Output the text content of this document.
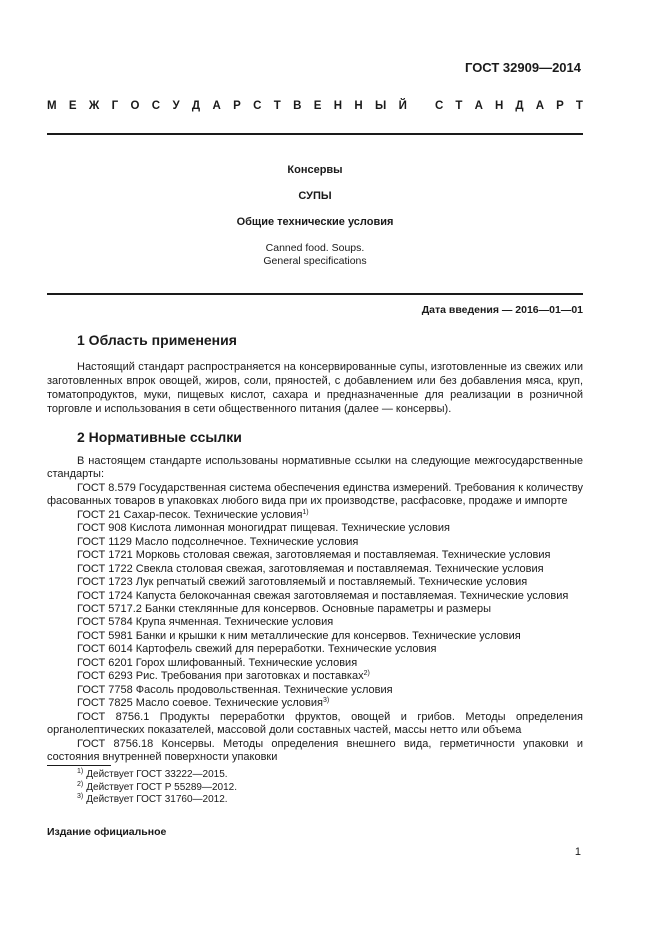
ГОСТ 32909—2014
М Е Ж Г О С У Д А Р С Т В Е Н Н Ы Й С Т А Н Д А Р Т
Консервы
СУПЫ
Общие технические условия
Canned food. Soups.
General specifications
Дата введения — 2016—01—01
1 Область применения

Настоящий стандарт распространяется на консервированные супы, изготовленные из свежих или заготовленных впрок овощей, жиров, соли, пряностей, с добавлением или без добавления мяса, круп, томатопродуктов, муки, пищевых кислот, сахара и предназначенные для реализации в розничной торговле и использования в сети общественного питания (далее — консервы).

2 Нормативные ссылки

В настоящем стандарте использованы нормативные ссылки на следующие межгосударственные стандарты:

ГОСТ 8.579 Государственная система обеспечения единства измерений. Требования к количеству фасованных товаров в упаковках любого вида при их производстве, расфасовке, продаже и импорте

ГОСТ 21 Сахар-песок. Технические условия$^{1)}$

ГОСТ 908 Кислота лимонная моногидрат пищевая. Технические условия

ГОСТ 1129 Масло подсолнечное. Технические условия

ГОСТ 1721 Морковь столовая свежая, заготовляемая и поставляемая. Технические условия

ГОСТ 1722 Свекла столовая свежая, заготовляемая и поставляемая. Технические условия

ГОСТ 1723 Лук репчатый свежий заготовляемый и поставляемый. Технические условия

ГОСТ 1724 Капуста белокочанная свежая заготовляемая и поставляемая. Технические условия

ГОСТ 5717.2 Банки стеклянные для консервов. Основные параметры и размеры

ГОСТ 5784 Крупа ячменная. Технические условия

ГОСТ 5981 Банки и крышки к ним металлические для консервов. Технические условия

ГОСТ 6014 Картофель свежий для переработки. Технические условия

ГОСТ 6201 Горох шлифованный. Технические условия

ГОСТ 6293 Рис. Требования при заготовках и поставках$^{2)}$

ГОСТ 7758 Фасоль продовольственная. Технические условия

ГОСТ 7825 Масло соевое. Технические условия$^{3)}$

ГОСТ 8756.1 Продукты переработки фруктов, овощей и грибов. Методы определения органолептических показателей, массовой доли составных частей, массы нетто или объема

ГОСТ 8756.18 Консервы. Методы определения внешнего вида, герметичности упаковки и состояния внутренней поверхности упаковки

$^{1)}$ Действует ГОСТ 33222—2015.
$^{2)}$ Действует ГОСТ Р 55289—2012.
$^{3)}$ Действует ГОСТ 31760—2012.
Издание официальное
1
